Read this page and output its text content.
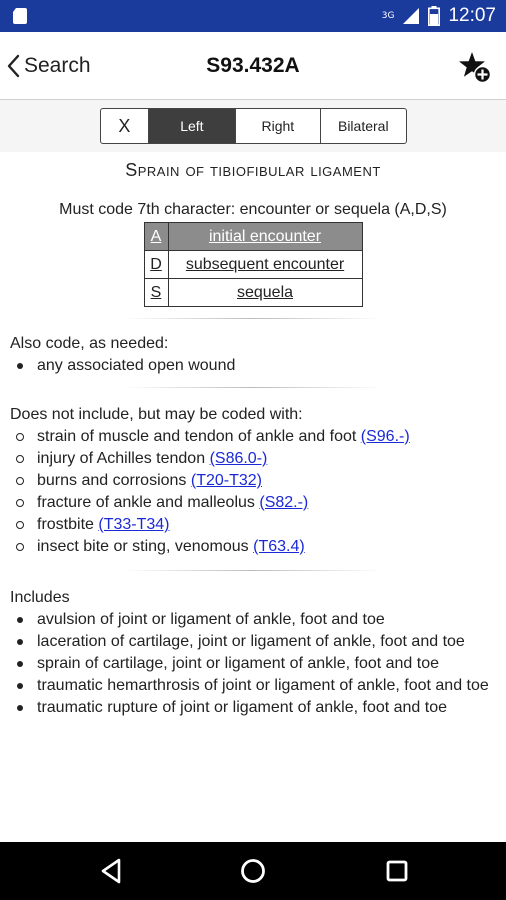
3G	12:07
Search	S93.432A
X	Left	Right	Bilateral
Sprain of tibiofibular ligament
Must code 7th character: encounter or sequela (A,D,S)
A	initial encounter
D	subsequent encounter
S	sequela
Also code, as needed:
any associated open wound
Does not include, but may be coded with:
strain of muscle and tendon of ankle and foot (S96.-)
injury of Achilles tendon (S86.0-)
burns and corrosions (T20-T32)
fracture of ankle and malleolus (S82.-)
frostbite (T33-T34)
insect bite or sting, venomous (T63.4)
Includes
avulsion of joint or ligament of ankle, foot and toe
laceration of cartilage, joint or ligament of ankle, foot and toe
sprain of cartilage, joint or ligament of ankle, foot and toe
traumatic hemarthrosis of joint or ligament of ankle, foot and toe
traumatic rupture of joint or ligament of ankle, foot and toe
